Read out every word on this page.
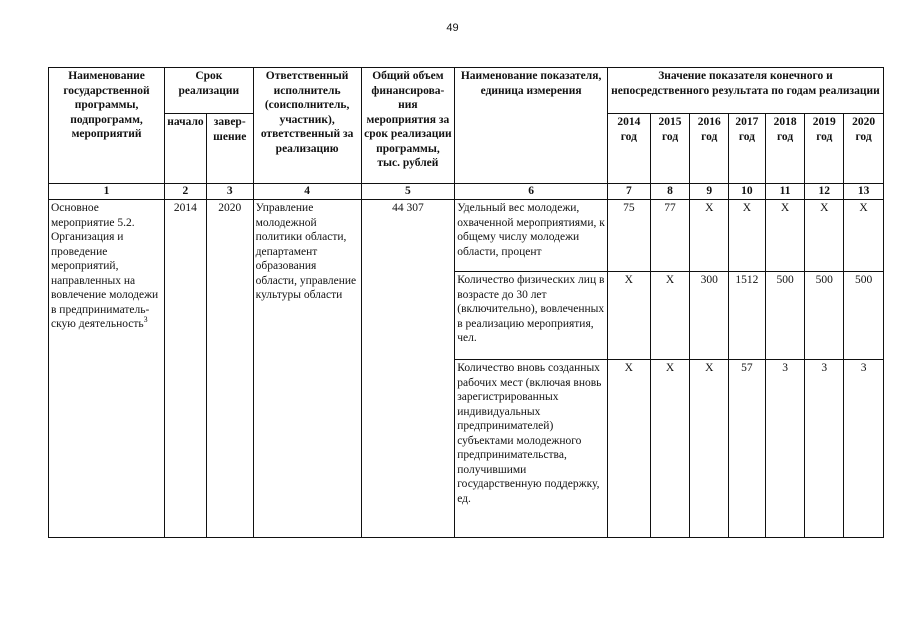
49
Наименование государственной программы, подпрограмм, мероприятий	Срок реализации		Ответственный исполнитель (соисполнитель, участник), ответственный за реализацию	Общий объем финансирова-ния мероприятия за срок реализации программы, тыс. рублей	Наименование показателя, единица измерения	Значение показателя конечного и непосредственного результата по годам реализации						
	начало	завер-шение				2014 год	2015 год	2016 год	2017 год	2018 год	2019 год	2020 год
1	2	3	4	5	6	7	8	9	10	11	12	13
Основное мероприятие 5.2. Организация и проведение мероприятий, направленных на вовлечение молодежи в предприниматель-скую деятельность$^3$	2014	2020	Управление молодежной политики области, департамент образования области, управление культуры области	44 307	Удельный вес молодежи, охваченной мероприятиями, к общему числу молодежи области, процент	75	77	X	X	X	X	X
					Количество физических лиц в возрасте до 30 лет (включительно), вовлеченных в реализацию мероприятия, чел.	X	X	300	1512	500	500	500
					Количество вновь созданных рабочих мест (включая вновь зарегистрированных индивидуальных предпринимателей) субъектами молодежного предпринимательства, получившими государственную поддержку, ед.	X	X	X	57	3	3	3
